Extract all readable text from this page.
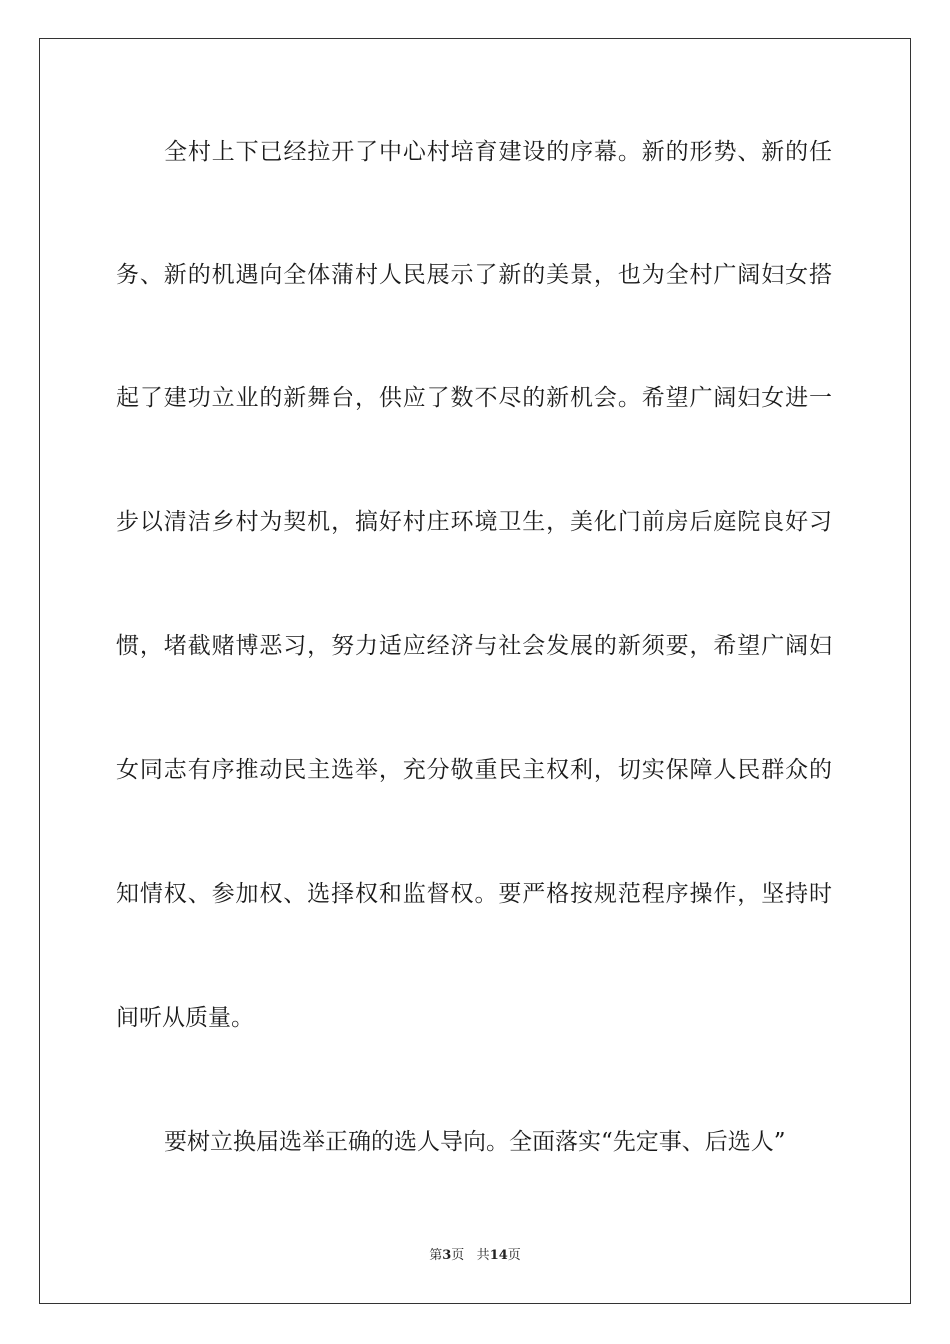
全村上下已经拉开了中心村培育建设的序幕。新的形势、新的任
务、新的机遇向全体蒲村人民展示了新的美景，也为全村广阔妇女搭
起了建功立业的新舞台，供应了数不尽的新机会。希望广阔妇女进一
步以清洁乡村为契机，搞好村庄环境卫生，美化门前房后庭院良好习
惯，堵截赌博恶习，努力适应经济与社会发展的新须要，希望广阔妇
女同志有序推动民主选举，充分敬重民主权利，切实保障人民群众的
知情权、参加权、选择权和监督权。要严格按规范程序操作，坚持时
间听从质量。
要树立换届选举正确的选人导向。全面落实“先定事、后选人”
第3页 共14页
